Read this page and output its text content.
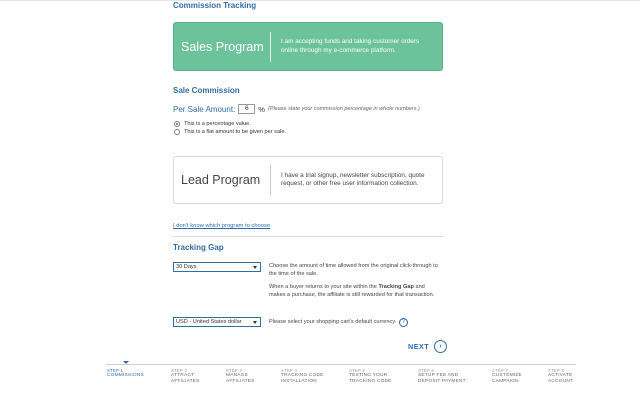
Commission Tracking
Sales Program	I am accepting funds and taking customer orders online through my e-commerce platform.
Sale Commission
Per Sale Amount:	6	% (Please state your commission percentage in whole numbers.)
This is a percentage value.
This is a flat amount to be given per sale.
Lead Program	I have a trial signup, newsletter subscription, quote request, or other free user information collection.
I don't know which program to choose
Tracking Gap
30 Days	Choose the amount of time allowed from the original click-through to the time of the sale.
When a buyer returns to your site within the Tracking Gap and makes a purchase, the affiliate is still rewarded for that transaction.
USD - United States dollar	Please select your shopping cart's default currency. ?
NEXT	›
STEP 1
COMMISSIONS
STEP 2
ATTRACT AFFILIATES
STEP 3
MANAGE AFFILIATES
STEP 4
TRACKING CODE INSTALLATION
STEP 5
TESTING YOUR TRACKING CODE
STEP 6
SETUP FEE AND DEPOSIT PAYMENT
STEP 7
CUSTOMIZE CAMPAIGN
STEP 8
ACTIVATE ACCOUNT
